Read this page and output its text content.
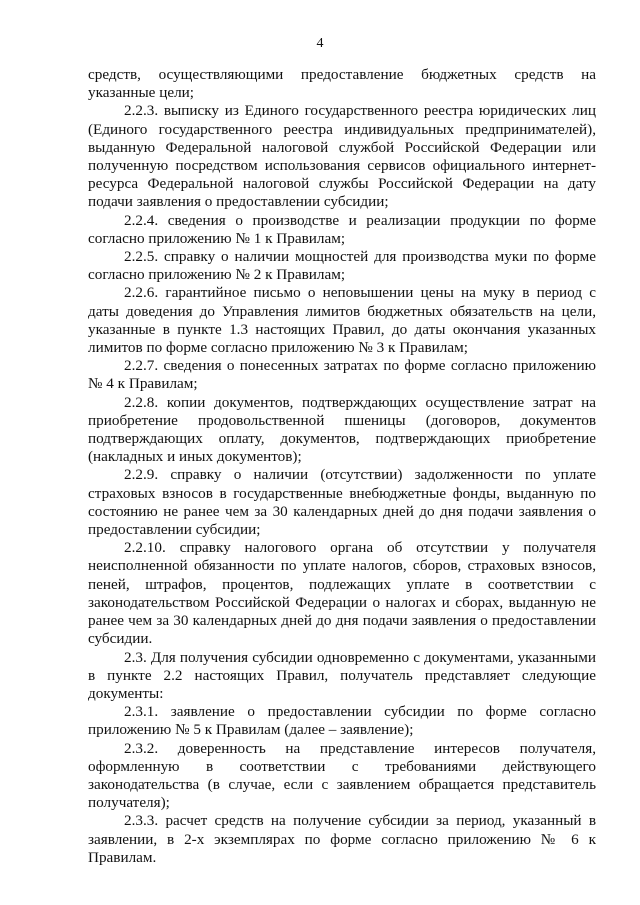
4

средств, осуществляющими предоставление бюджетных средств на указанные цели;

2.2.3. выписку из Единого государственного реестра юридических лиц (Единого государственного реестра индивидуальных предпринимателей), выданную Федеральной налоговой службой Российской Федерации или полученную посредством использования сервисов официального интернет-ресурса Федеральной налоговой службы Российской Федерации на дату подачи заявления о предоставлении субсидии;

2.2.4. сведения о производстве и реализации продукции по форме согласно приложению № 1 к Правилам;

2.2.5. справку о наличии мощностей для производства муки по форме согласно приложению № 2 к Правилам;

2.2.6. гарантийное письмо о неповышении цены на муку в период с даты доведения до Управления лимитов бюджетных обязательств на цели, указанные в пункте 1.3 настоящих Правил, до даты окончания указанных лимитов по форме согласно приложению № 3 к Правилам;

2.2.7. сведения о понесенных затратах по форме согласно приложению № 4 к Правилам;

2.2.8. копии документов, подтверждающих осуществление затрат на приобретение продовольственной пшеницы (договоров, документов подтверждающих оплату, документов, подтверждающих приобретение (накладных и иных документов);

2.2.9. справку о наличии (отсутствии) задолженности по уплате страховых взносов в государственные внебюджетные фонды, выданную по состоянию не ранее чем за 30 календарных дней до дня подачи заявления о предоставлении субсидии;

2.2.10. справку налогового органа об отсутствии у получателя неисполненной обязанности по уплате налогов, сборов, страховых взносов, пеней, штрафов, процентов, подлежащих уплате в соответствии с законодательством Российской Федерации о налогах и сборах, выданную не ранее чем за 30 календарных дней до дня подачи заявления о предоставлении субсидии.

2.3. Для получения субсидии одновременно с документами, указанными в пункте 2.2 настоящих Правил, получатель представляет следующие документы:

2.3.1. заявление о предоставлении субсидии по форме согласно приложению № 5 к Правилам (далее – заявление);

2.3.2. доверенность на представление интересов получателя, оформленную в соответствии с требованиями действующего законодательства (в случае, если с заявлением обращается представитель получателя);

2.3.3. расчет средств на получение субсидии за период, указанный в заявлении, в 2-х экземплярах по форме согласно приложению № 6 к Правилам.
